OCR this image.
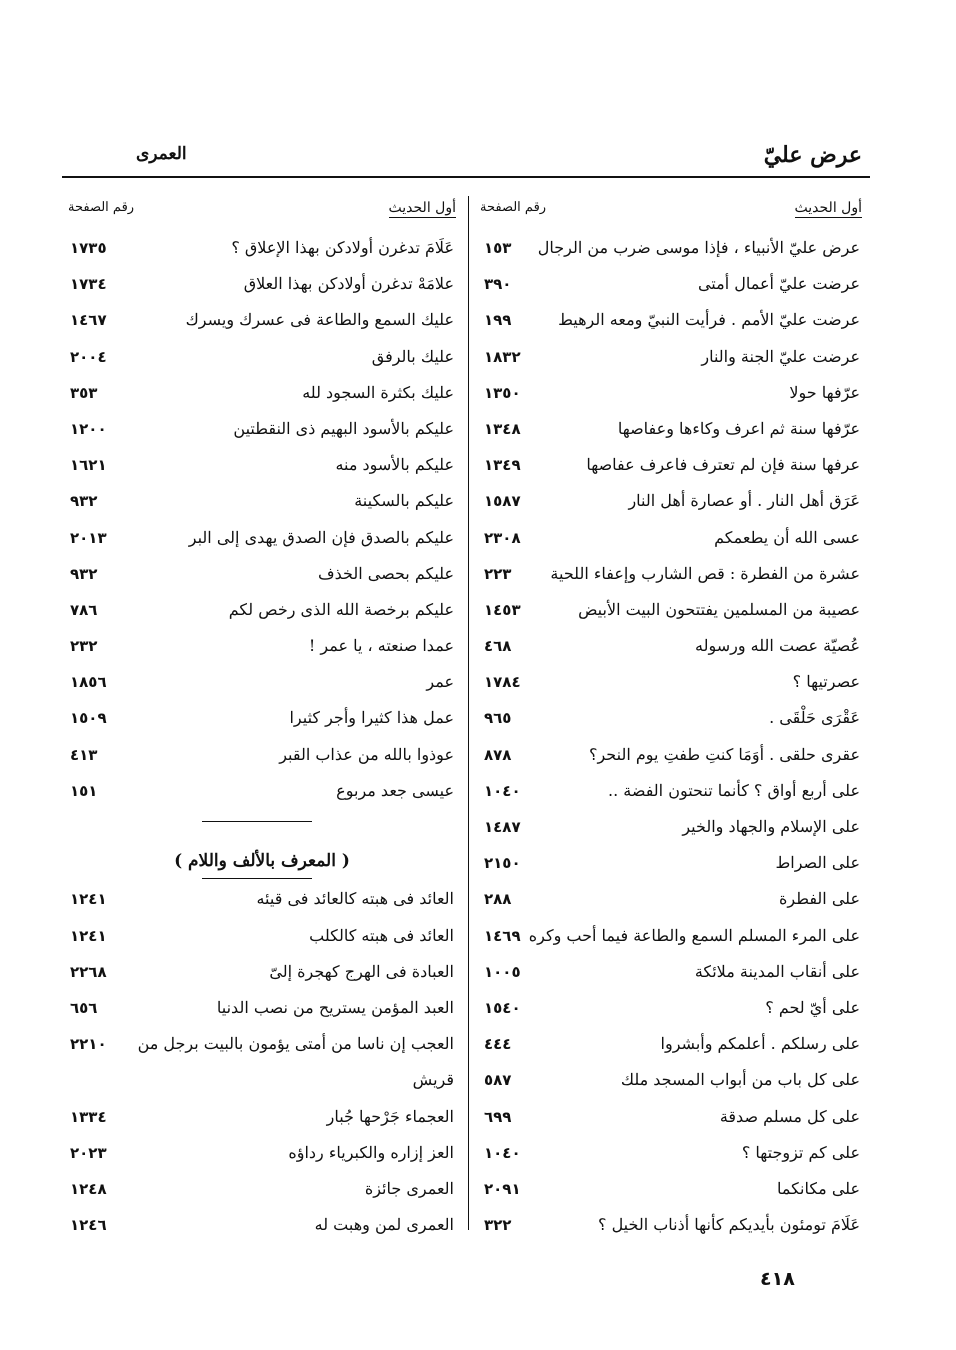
عرض عليّ
العمرى
أول الحديث
رقم الصفحة
عرض عليّ الأنبياء ، فإذا موسى ضرب من الرجال
١٥٣
عرضت عليّ أعمال أمتى
٣٩٠
عرضت عليّ الأمم . فرأيت النبيّ ومعه الرهيط
١٩٩
عرضت عليّ الجنة والنار
١٨٣٢
عرّفها حولا
١٣٥٠
عرّفها سنة ثم اعرف وكاءها وعفاصها
١٣٤٨
عرفها سنة فإن لم تعترف فاعرف عفاصها
١٣٤٩
عَرَق أهل النار . أو عصارة أهل النار
١٥٨٧
عسى الله أن يطعمكم
٢٣٠٨
عشرة من الفطرة : قص الشارب وإعفاء اللحية
٢٢٣
عصيبة من المسلمين يفتتحون البيت الأبيض
١٤٥٣
عُصيّة عصت الله ورسوله
٤٦٨
عصرتيها ؟
١٧٨٤
عَقْرَى حَلْقَى .
٩٦٥
عقرى حلقى . أوَمَا كنتِ طفتِ يوم النحر؟
٨٧٨
على أربع أواق ؟ كأنما تنحتون الفضة ..
١٠٤٠
على الإسلام والجهاد والخير
١٤٨٧
على الصراط
٢١٥٠
على الفطرة
٢٨٨
على المرء المسلم السمع والطاعة فيما أحب وكره
١٤٦٩
على أنقاب المدينة ملائكة
١٠٠٥
على أيّ لحم ؟
١٥٤٠
على رسلكم . أعلمكم وأبشروا
٤٤٤
على كل باب من أبواب المسجد ملك
٥٨٧
على كل مسلم صدقة
٦٩٩
على كم تزوجتها ؟
١٠٤٠
على مكانكما
٢٠٩١
عَلَامَ تومئون بأيديكم كأنها أذناب الخيل ؟
٣٢٢
أول الحديث
رقم الصفحة
عَلَامَ تدغرن أولادكن بهذا الإعلاق ؟
١٧٣٥
علامَهْ تدغرن أولادكن بهذا العلاق
١٧٣٤
عليك السمع والطاعة فى عسرك ويسرك
١٤٦٧
عليك بالرفق
٢٠٠٤
عليك بكثرة السجود لله
٣٥٣
عليكم بالأسود البهيم ذى النقطتين
١٢٠٠
عليكم بالأسود منه
١٦٢١
عليكم بالسكينة
٩٣٢
عليكم بالصدق فإن الصدق يهدى إلى البر
٢٠١٣
عليكم بحصى الخذف
٩٣٢
عليكم برخصة الله الذى رخص لكم
٧٨٦
عمدا صنعته ، يا عمر !
٢٣٢
عمر
١٨٥٦
عمل هذا كثيرا وأجر كثيرا
١٥٠٩
عوذوا بالله من عذاب القبر
٤١٣
عيسى جعد مربوع
١٥١
( المعرف بالألف واللام )
العائد فى هبته كالعائد فى قيئه
١٢٤١
العائد فى هبته كالكلب
١٢٤١
العبادة فى الهرج كهجرة إلىّ
٢٢٦٨
العبد المؤمن يستريح من نصب الدنيا
٦٥٦
العجب إن ناسا من أمتى يؤمون بالبيت برجل من
٢٢١٠
قريش
العجماء جَرْحها جُبار
١٣٣٤
العز إزاره والكبرياء رداؤه
٢٠٢٣
العمرى جائزة
١٢٤٨
العمرى لمن وهبت له
١٢٤٦
٤١٨
